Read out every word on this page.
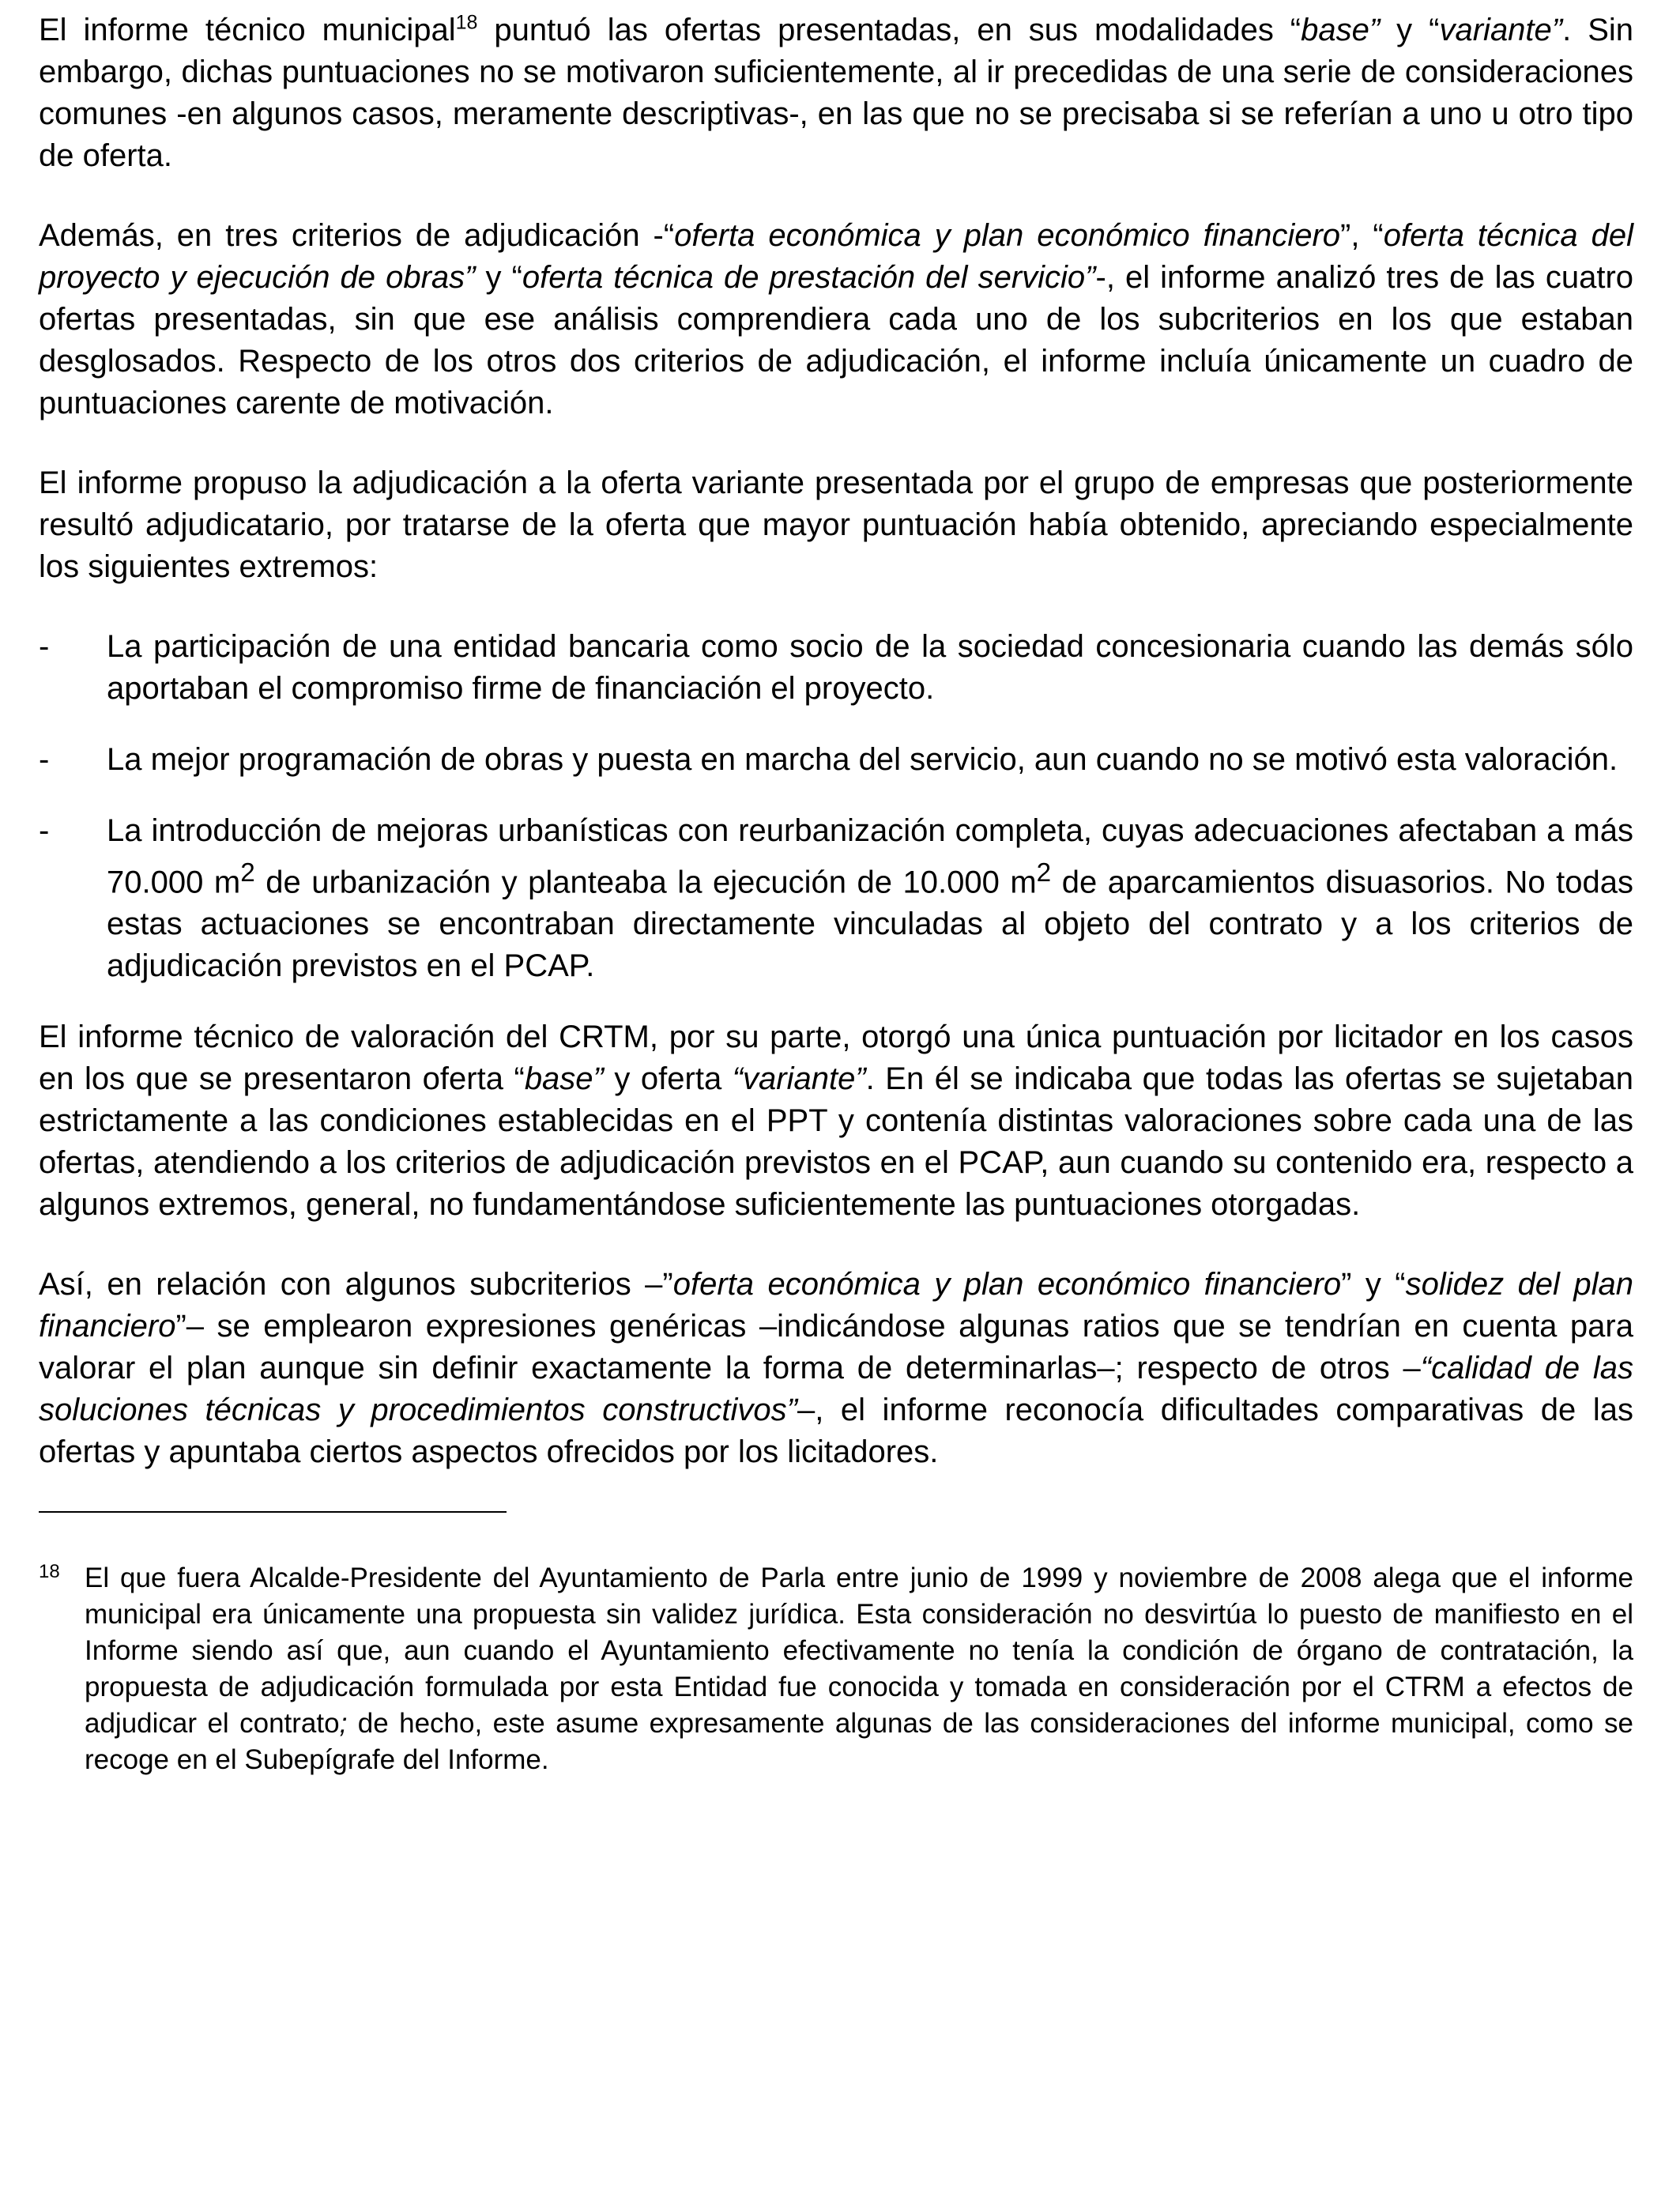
El informe técnico municipal$^{18}$ puntuó las ofertas presentadas, en sus modalidades “base” y “variante”. Sin embargo, dichas puntuaciones no se motivaron suficientemente, al ir precedidas de una serie de consideraciones comunes -en algunos casos, meramente descriptivas-, en las que no se precisaba si se referían a uno u otro tipo de oferta.

Además, en tres criterios de adjudicación -“oferta económica y plan económico financiero”, “oferta técnica del proyecto y ejecución de obras” y “oferta técnica de prestación del servicio”-, el informe analizó tres de las cuatro ofertas presentadas, sin que ese análisis comprendiera cada uno de los subcriterios en los que estaban desglosados. Respecto de los otros dos criterios de adjudicación, el informe incluía únicamente un cuadro de puntuaciones carente de motivación.

El informe propuso la adjudicación a la oferta variante presentada por el grupo de empresas que posteriormente resultó adjudicatario, por tratarse de la oferta que mayor puntuación había obtenido, apreciando especialmente los siguientes extremos:

-	La participación de una entidad bancaria como socio de la sociedad concesionaria cuando las demás sólo aportaban el compromiso firme de financiación el proyecto.
-	La mejor programación de obras y puesta en marcha del servicio, aun cuando no se motivó esta valoración.
-	La introducción de mejoras urbanísticas con reurbanización completa, cuyas adecuaciones afectaban a más 70.000 $m^2$ de urbanización y planteaba la ejecución de 10.000 $m^2$ de aparcamientos disuasorios. No todas estas actuaciones se encontraban directamente vinculadas al objeto del contrato y a los criterios de adjudicación previstos en el PCAP.

El informe técnico de valoración del CRTM, por su parte, otorgó una única puntuación por licitador en los casos en los que se presentaron oferta “base” y oferta “variante”. En él se indicaba que todas las ofertas se sujetaban estrictamente a las condiciones establecidas en el PPT y contenía distintas valoraciones sobre cada una de las ofertas, atendiendo a los criterios de adjudicación previstos en el PCAP, aun cuando su contenido era, respecto a algunos extremos, general, no fundamentándose suficientemente las puntuaciones otorgadas.

Así, en relación con algunos subcriterios –”oferta económica y plan económico financiero” y “solidez del plan financiero”– se emplearon expresiones genéricas –indicándose algunas ratios que se tendrían en cuenta para valorar el plan aunque sin definir exactamente la forma de determinarlas–; respecto de otros –“calidad de las soluciones técnicas y procedimientos constructivos”–, el informe reconocía dificultades comparativas de las ofertas y apuntaba ciertos aspectos ofrecidos por los licitadores.

18 El que fuera Alcalde-Presidente del Ayuntamiento de Parla entre junio de 1999 y noviembre de 2008 alega que el informe municipal era únicamente una propuesta sin validez jurídica. Esta consideración no desvirtúa lo puesto de manifiesto en el Informe siendo así que, aun cuando el Ayuntamiento efectivamente no tenía la condición de órgano de contratación, la propuesta de adjudicación formulada por esta Entidad fue conocida y tomada en consideración por el CTRM a efectos de adjudicar el contrato; de hecho, este asume expresamente algunas de las consideraciones del informe municipal, como se recoge en el Subepígrafe del Informe.
